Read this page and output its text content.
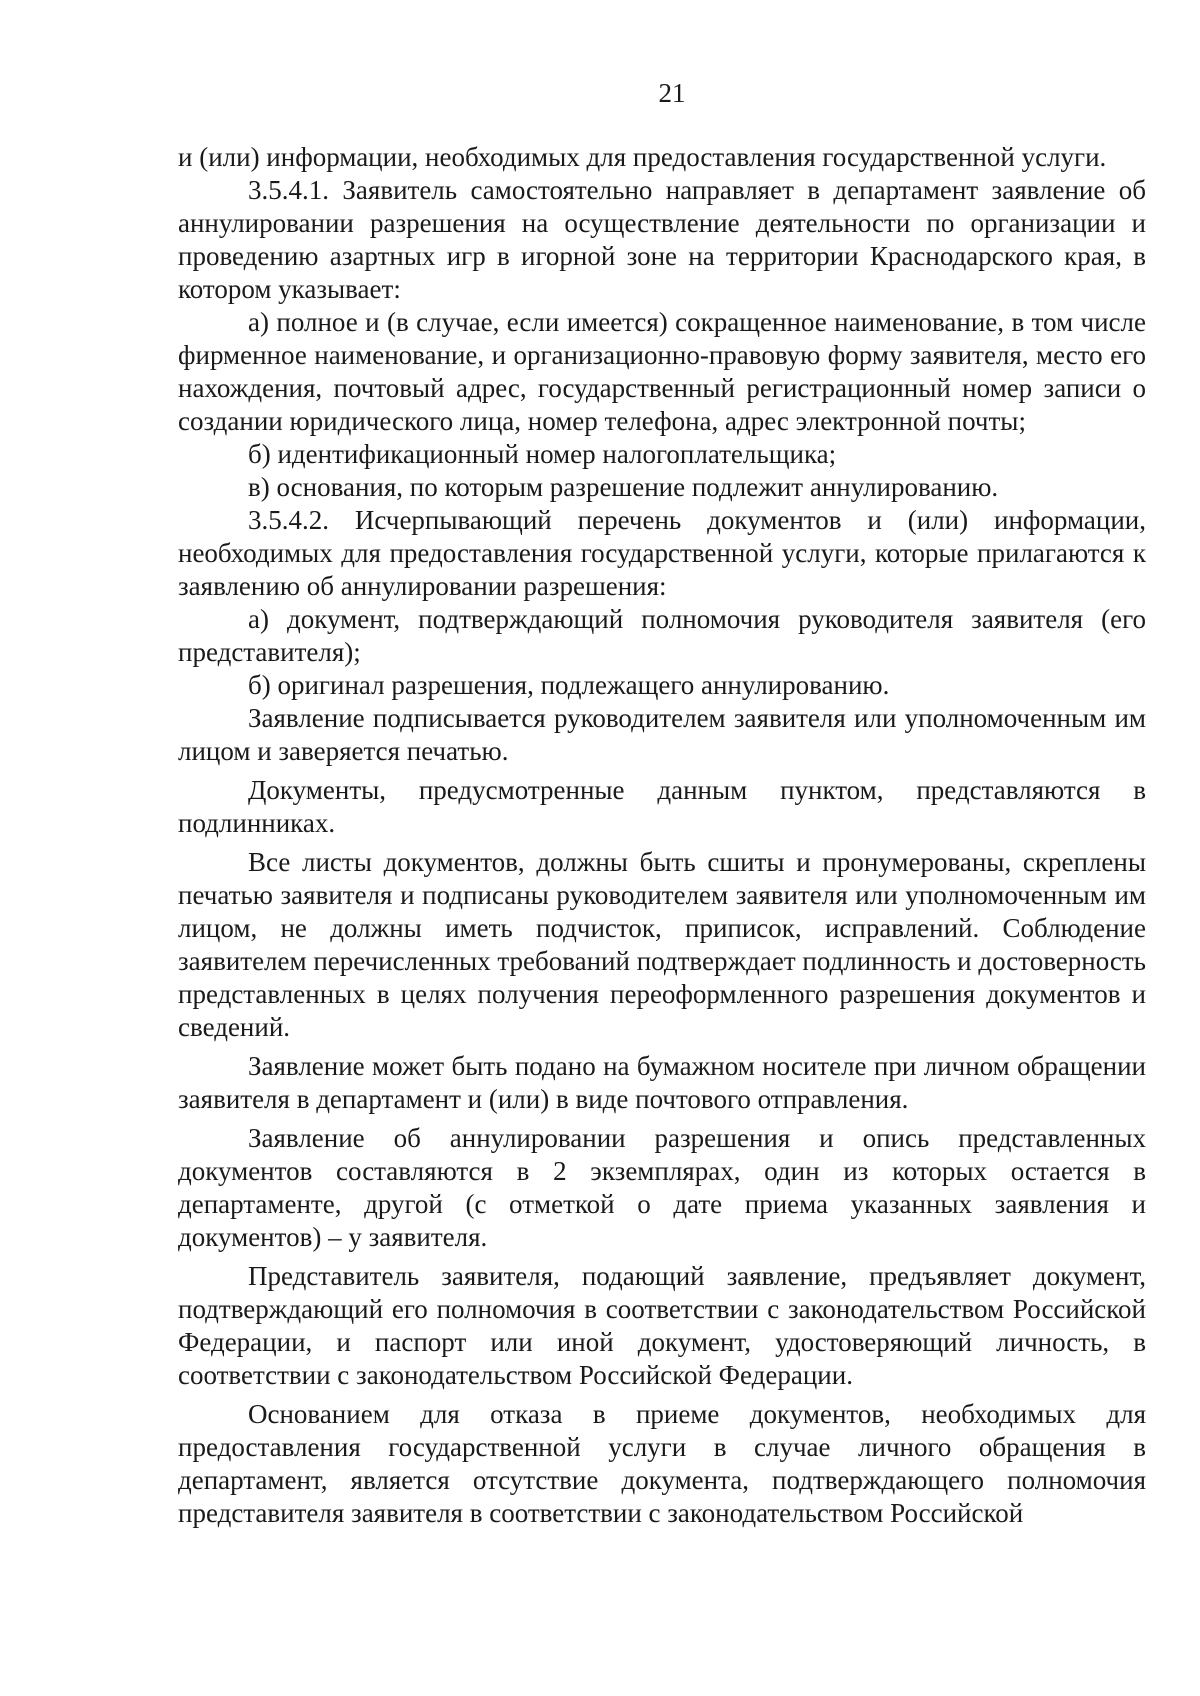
21

и (или) информации, необходимых для предоставления государственной услуги.

3.5.4.1. Заявитель самостоятельно направляет в департамент заявление об аннулировании разрешения на осуществление деятельности по организации и проведению азартных игр в игорной зоне на территории Краснодарского края, в котором указывает:

а) полное и (в случае, если имеется) сокращенное наименование, в том числе фирменное наименование, и организационно-правовую форму заявителя, место его нахождения, почтовый адрес, государственный регистрационный номер записи о создании юридического лица, номер телефона, адрес электронной почты;

б) идентификационный номер налогоплательщика;

в) основания, по которым разрешение подлежит аннулированию.

3.5.4.2. Исчерпывающий перечень документов и (или) информации, необходимых для предоставления государственной услуги, которые прилагаются к заявлению об аннулировании разрешения:

а) документ, подтверждающий полномочия руководителя заявителя (его представителя);

б) оригинал разрешения, подлежащего аннулированию.

Заявление подписывается руководителем заявителя или уполномоченным им лицом и заверяется печатью.

Документы, предусмотренные данным пунктом, представляются в подлинниках.

Все листы документов, должны быть сшиты и пронумерованы, скреплены печатью заявителя и подписаны руководителем заявителя или уполномоченным им лицом, не должны иметь подчисток, приписок, исправлений. Соблюдение заявителем перечисленных требований подтверждает подлинность и достоверность представленных в целях получения переоформленного разрешения документов и сведений.

Заявление может быть подано на бумажном носителе при личном обращении заявителя в департамент и (или) в виде почтового отправления.

Заявление об аннулировании разрешения и опись представленных документов составляются в 2 экземплярах, один из которых остается в департаменте, другой (с отметкой о дате приема указанных заявления и документов) – у заявителя.

Представитель заявителя, подающий заявление, предъявляет документ, подтверждающий его полномочия в соответствии с законодательством Российской Федерации, и паспорт или иной документ, удостоверяющий личность, в соответствии с законодательством Российской Федерации.

Основанием для отказа в приеме документов, необходимых для предоставления государственной услуги в случае личного обращения в департамент, является отсутствие документа, подтверждающего полномочия представителя заявителя в соответствии с законодательством Российской
